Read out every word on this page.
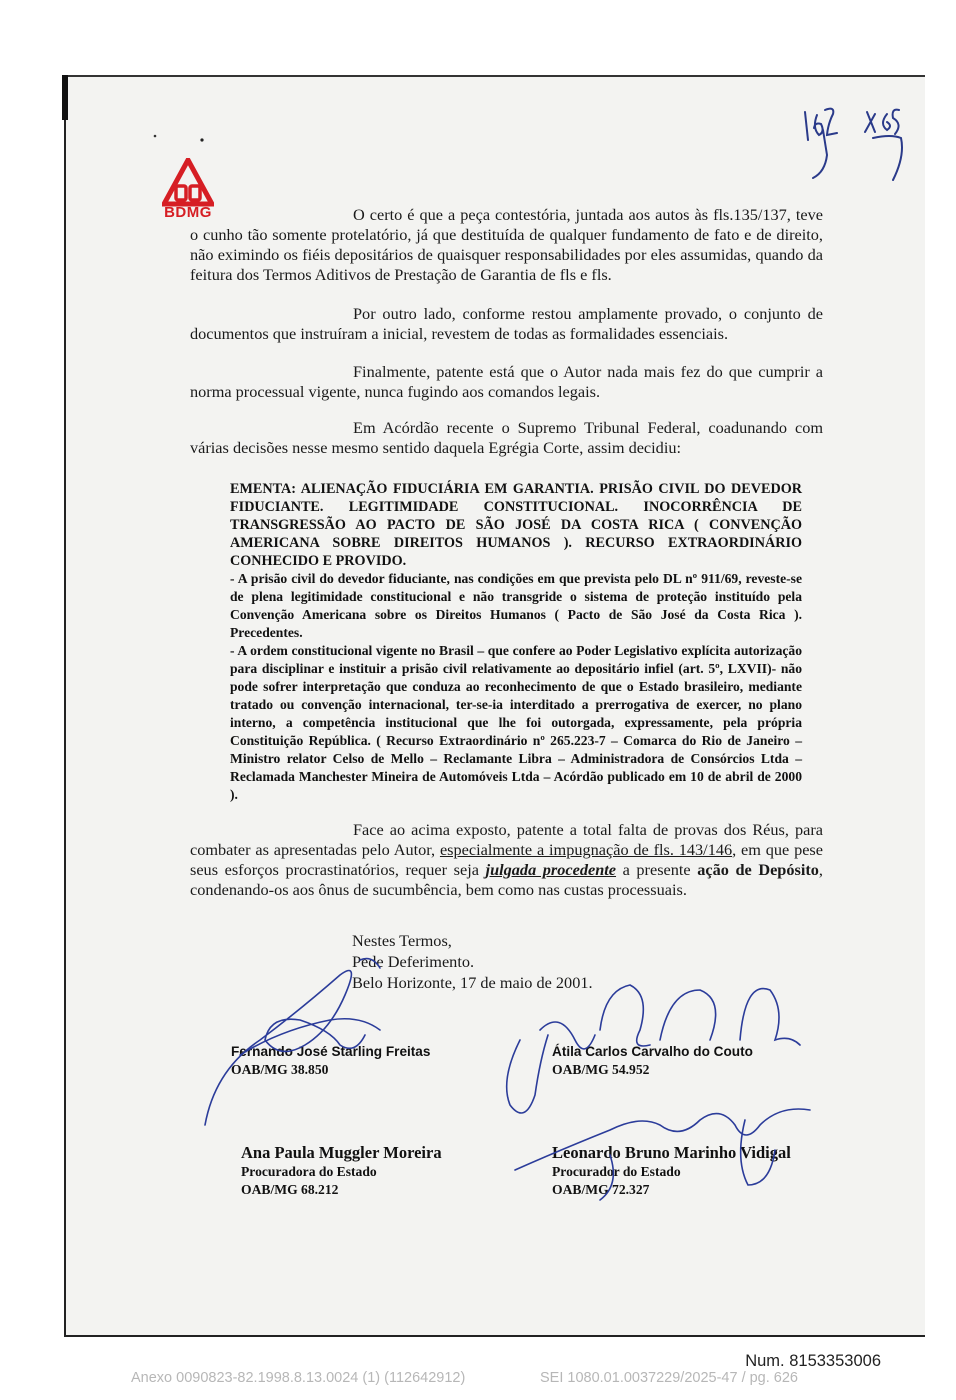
BDMG	O certo é que a peça contestória, juntada aos autos às fls.135/137, teve o cunho tão somente protelatório, já que destituída de qualquer fundamento de fato e de direito, não eximindo os fiéis depositários de quaisquer responsabilidades por eles assumidas, quando da feitura dos Termos Aditivos de Prestação de Garantia de fls e fls.
Por outro lado, conforme restou amplamente provado, o conjunto de documentos que instruíram a inicial, revestem de todas as formalidades essenciais.
Finalmente, patente está que o Autor nada mais fez do que cumprir a norma processual vigente, nunca fugindo aos comandos legais.
Em Acórdão recente o Supremo Tribunal Federal, coadunando com várias decisões nesse mesmo sentido daquela Egrégia Corte, assim decidiu:

EMENTA: ALIENAÇÃO FIDUCIÁRIA EM GARANTIA. PRISÃO CIVIL DO DEVEDOR FIDUCIANTE. LEGITIMIDADE CONSTITUCIONAL. INOCORRÊNCIA DE TRANSGRESSÃO AO PACTO DE SÃO JOSÉ DA COSTA RICA ( CONVENÇÃO AMERICANA SOBRE DIREITOS HUMANOS ). RECURSO EXTRAORDINÁRIO CONHECIDO E PROVIDO.

- A prisão civil do devedor fiduciante, nas condições em que prevista pelo DL nº 911/69, reveste-se de plena legitimidade constitucional e não transgride o sistema de proteção instituído pela Convenção Americana sobre os Direitos Humanos ( Pacto de São José da Costa Rica ). Precedentes.

- A ordem constitucional vigente no Brasil – que confere ao Poder Legislativo explícita autorização para disciplinar e instituir a prisão civil relativamente ao depositário infiel (art. 5º, LXVII)- não pode sofrer interpretação que conduza ao reconhecimento de que o Estado brasileiro, mediante tratado ou convenção internacional, ter-se-ia interditado a prerrogativa de exercer, no plano interno, a competência institucional que lhe foi outorgada, expressamente, pela própria Constituição República. ( Recurso Extraordinário nº 265.223-7 – Comarca do Rio de Janeiro – Ministro relator Celso de Mello – Reclamante Libra – Administradora de Consórcios Ltda – Reclamada Manchester Mineira de Automóveis Ltda – Acórdão publicado em 10 de abril de 2000 ).

Face ao acima exposto, patente a total falta de provas dos Réus, para combater as apresentadas pelo Autor, especialmente a impugnação de fls. 143/146, em que pese seus esforços procrastinatórios, requer seja julgada procedente a presente ação de Depósito, condenando-os aos ônus de sucumbência, bem como nas custas processuais.
Nestes Termos,
Pede Deferimento.
Belo Horizonte, 17 de maio de 2001.
Fernando José Starling Freitas
OAB/MG 38.850
Átila Carlos Carvalho do Couto
OAB/MG 54.952
Ana Paula Muggler Moreira
Procuradora do Estado
OAB/MG 68.212
Leonardo Bruno Marinho Vidigal
Procurador do Estado
OAB/MG 72.327
Num. 8153353006
Anexo 0090823-82.1998.8.13.0024 (1) (112642912)	SEI 1080.01.0037229/2025-47 / pg. 626
